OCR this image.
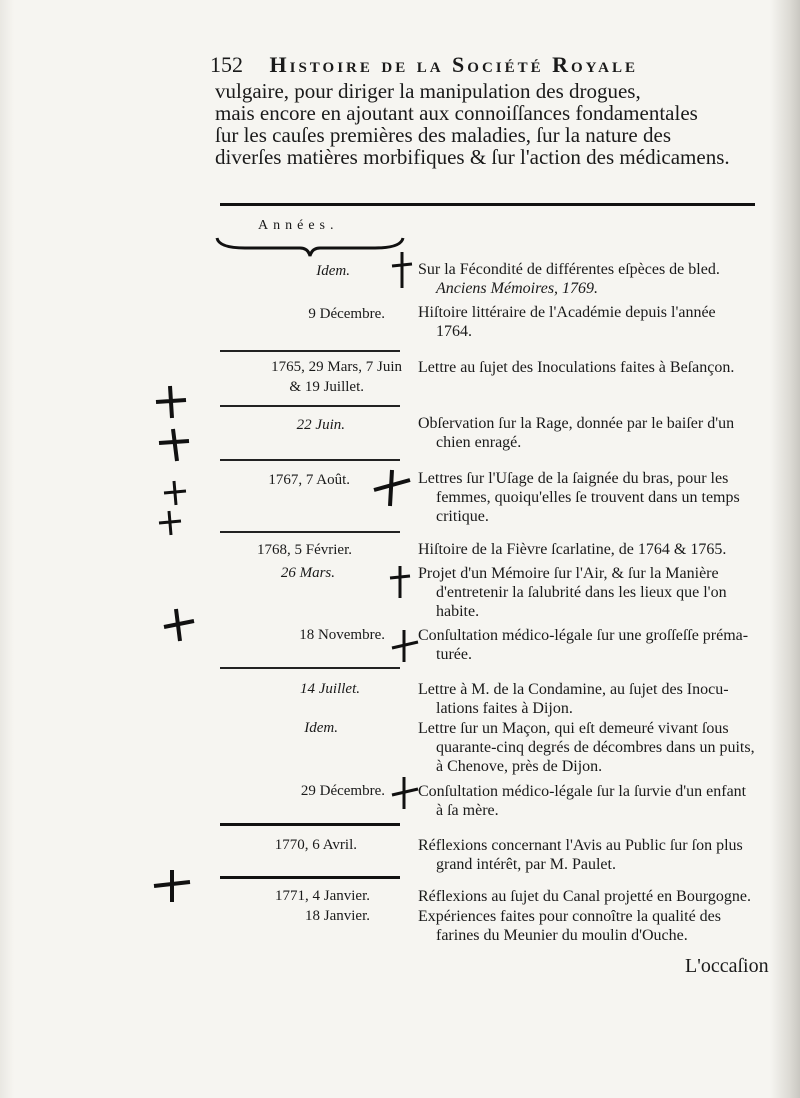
152 Histoire de la Société Royale
vulgaire, pour diriger la manipulation des drogues,
mais encore en ajoutant aux connoiſſances fondamentales
ſur les cauſes premières des maladies, ſur la nature des
diverſes matières morbifiques & ſur l'action des médicamens.
Années.
Idem.	Sur la Fécondité de différentes eſpèces de bled.
Anciens Mémoires, 1769.
9 Décembre. Hiſtoire littéraire de l'Académie depuis l'année
1764.
1765, 29 Mars, 7 Juin
& 19 Juillet.
Lettre au ſujet des Inoculations faites à Beſançon.
22 Juin.	Obſervation ſur la Rage, donnée par le baiſer d'un
chien enragé.
1767, 7 Août.	Lettres ſur l'Uſage de la ſaignée du bras, pour les
femmes, quoiqu'elles ſe trouvent dans un temps
critique.
1768, 5 Février.	Hiſtoire de la Fièvre ſcarlatine, de 1764 & 1765.
26 Mars.	Projet d'un Mémoire ſur l'Air, & ſur la Manière
d'entretenir la ſalubrité dans les lieux que l'on
habite.
18 Novembre. Conſultation médico-légale ſur une groſſeſſe préma-
turée.
14 Juillet.	Lettre à M. de la Condamine, au ſujet des Inocu-
lations faites à Dijon.
Idem.	Lettre ſur un Maçon, qui eſt demeuré vivant ſous
quarante-cinq degrés de décombres dans un puits,
à Chenove, près de Dijon.
29 Décembre. Conſultation médico-légale ſur la ſurvie d'un enfant
à ſa mère.
1770, 6 Avril.	Réflexions concernant l'Avis au Public ſur ſon plus
grand intérêt, par M. Paulet.
1771, 4 Janvier.	Réflexions au ſujet du Canal projetté en Bourgogne.
18 Janvier.	Expériences faites pour connoître la qualité des
farines du Meunier du moulin d'Ouche.
L'occaſion
